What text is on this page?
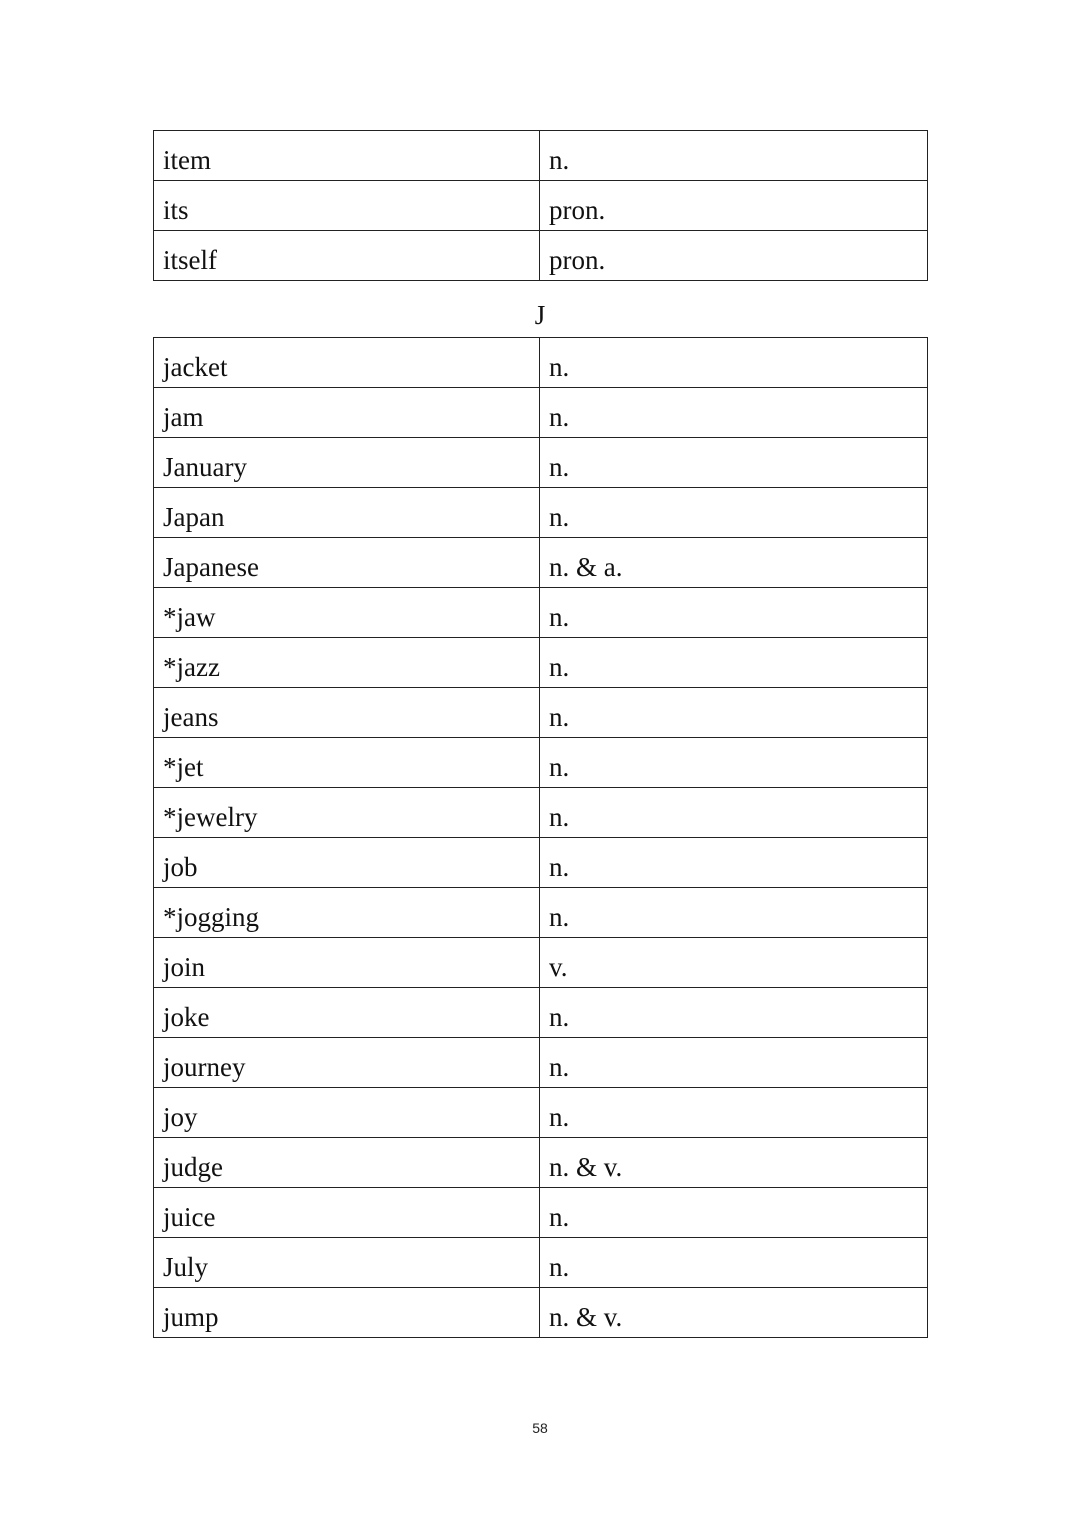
item	n.
its	pron.
itself	pron.
J
jacket	n.
jam	n.
January	n.
Japan	n.
Japanese	n. & a.
*jaw	n.
*jazz	n.
jeans	n.
*jet	n.
*jewelry	n.
job	n.
*jogging	n.
join	v.
joke	n.
journey	n.
joy	n.
judge	n. & v.
juice	n.
July	n.
jump	n. & v.
58
